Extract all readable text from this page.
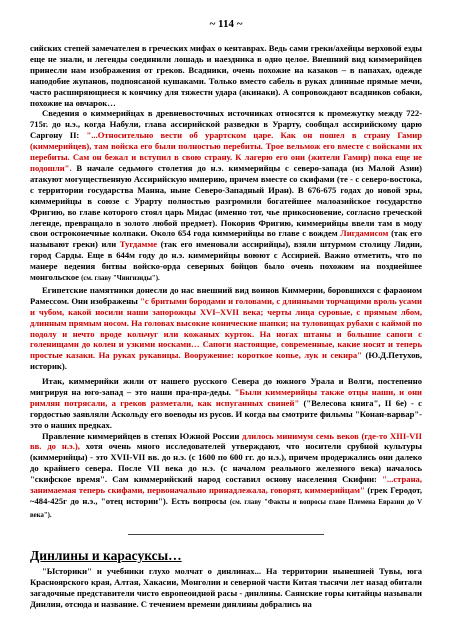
~ 114 ~

сийских степей замечателен в греческих мифах о кентаврах. Ведь сами греки/ахейцы верховой езды еще не знали, и легенды соединили лошадь и наездника в одно целое. Внешний вид киммерийцев принесли нам изображения от греков. Всадники, очень похожие на казаков – в папахах, одеждe наподобие жупанов, подпоясаной кушаками. Только вместо сабель в руках длинные прямые мечи, часто расширяющиеся к кончику для тяжести удара (акинаки). А сопровождают всадников собаки, похожие на овчарок…

Сведения о киммерийцах в древневосточных источниках относятся к промежутку между 722-715г. до н.э., когда Набули, глава ассирийской разведки в Урарту, сообщал ассирийскому царю Саргону II: "...Относительно вести об урартском царе. Как он пошел в страну Гамир (киммерийцев), там войска его были полностью перебиты. Трое вельмож его вместе с войсками их перебиты. Сам он бежал и вступил в свою страну. К лагерю его они (жители Гамир) пока еще не подошли". В начале седьмого столетия до н.э. киммерийцы с северо-запада (из Малой Азии) атакуют могущественную Ассирийскую империю, причем вместе со скифами (те - с северо-востока, с территории государства Манна, ныне Северо-Западный Иран). В 676-675 годах до новой эры, киммерийцы в союзе с Урарту полностью разгромили богатейшее малоазийское государство Фригию, во главе которого стоял царь Мидас (именно тот, чье прикосновение, согласно греческой легенде, превращало в золото любой предмет). Покорив Фригию, киммерийцы ввели там в моду свои остроконечные колпаки. Около 654 года киммерийцы во главе с вождем Лигдамисом (так его называют греки) или Тугдамме (так его именовали ассирийцы), взяли штурмом столицу Лидии, город Сарды. Еще в 644м году до н.э. киммерийцы воюют с Ассирией. Важно отметить, что по манере ведения битвы войско-орда северных бойцов было очень похожим на позднейшее монгольское (см. главу "Чингизиды").

Египетские памятники донесли до нас внешний вид воинов Киммерии, боровшихся с фараоном Рамессом. Они изображены "с бритыми бородами и головами, с длинными торчащими вроль усами и чубом, какой носили наши запорожцы XVI–XVII века; черты лица суровые, с прямым лбом, длинным прямым носом. На головах высокие конические шапки; на туловищах рубахи с каймой по подолу и нечто вроде кольчуг или кожаных курток. На ногах штаны и большие сапоги с голенищами до колен и узкими носками… Сапоги настоящие, современные, какие носят и теперь простые казаки. На руках рукавицы. Вооружение: короткое копье, лук и секира" (Ю.Д.Петухов, историк).

Итак, киммерийки жили от нашего русского Севера до южного Урала и Волги, постепенно мигрируя на юго-запад – это наши пра-пра-деды. "Были киммерийцы также отцы наши, и они римлян потрясали, а греков разметали, как испуганных свиней" ("Велесова книга", II 6е) - с гордостью заявляли Аскольду его воеводы из русов. И когда вы смотрите фильмы "Конан-варвар"- это о наших предках.

Правление киммерийцев в степях Южной России длилось минимум семь веков (где-то XIII-VII вв. до н.э.), хотя очень много исследователей утверждают, что носители срубной культуры (киммерийцы) - это XVII-VII вв. до н.э. (с 1600 по 600 гг. до н.э.), причем продержались они далеко до крайнего севера. После VII века до н.э. (с началом реального железного века) началось "скифское время". Сам киммерийский народ составил основу населения Скифии: "...страна, занимаемая теперь скифами, первоначально принадлежала, говорят, киммерийцам" (грек Геродот, ~484-425г до н.э., "отец истории"). Есть вопросы (см. главу "Факты и вопросы главе Племена Евразии до V века").

Динлины и карасуксы…

"Ысторики" и учебники глухо молчат о динлинах... На территории нынешней Тувы, юга Красноярского края, Алтая, Хакасии, Монголии и северной части Китая тысячи лет назад обитали загадочные представители чисто европеоидной расы - динлины. Саянские горы китайцы называли Динлин, отсюда и название. С течением времени динлины добрались на
